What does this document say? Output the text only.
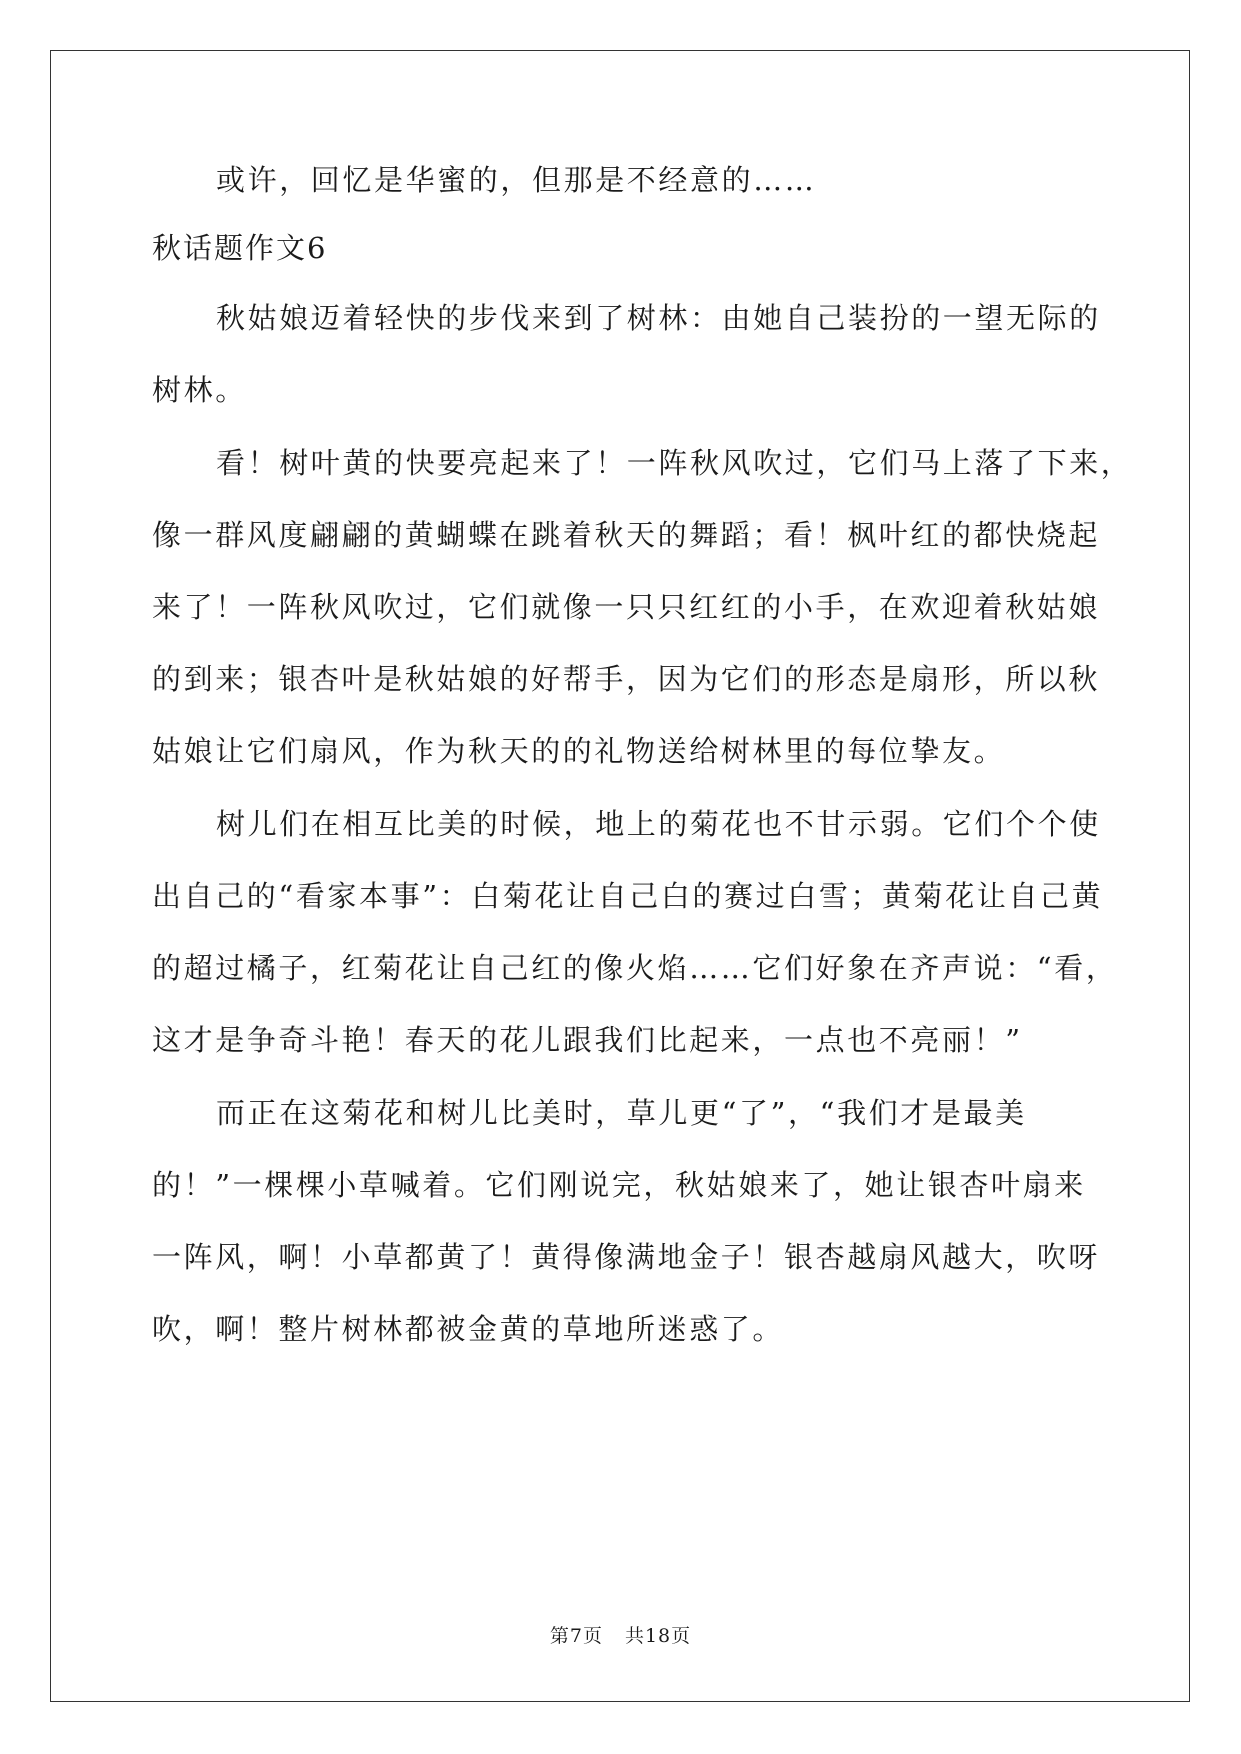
或许，回忆是华蜜的，但那是不经意的……
秋话题作文6
秋姑娘迈着轻快的步伐来到了树林：由她自己装扮的一望无际的
树林。
看！树叶黄的快要亮起来了！一阵秋风吹过，它们马上落了下来，
像一群风度翩翩的黄蝴蝶在跳着秋天的舞蹈；看！枫叶红的都快烧起
来了！一阵秋风吹过，它们就像一只只红红的小手，在欢迎着秋姑娘
的到来；银杏叶是秋姑娘的好帮手，因为它们的形态是扇形，所以秋
姑娘让它们扇风，作为秋天的的礼物送给树林里的每位挚友。
树儿们在相互比美的时候，地上的菊花也不甘示弱。它们个个使
出自己的“看家本事”：白菊花让自己白的赛过白雪；黄菊花让自己黄
的超过橘子，红菊花让自己红的像火焰……它们好象在齐声说：“看，
这才是争奇斗艳！春天的花儿跟我们比起来，一点也不亮丽！”
而正在这菊花和树儿比美时，草儿更“了”，“我们才是最美
的！”一棵棵小草喊着。它们刚说完，秋姑娘来了，她让银杏叶扇来
一阵风，啊！小草都黄了！黄得像满地金子！银杏越扇风越大，吹呀
吹，啊！整片树林都被金黄的草地所迷惑了。
第7页 共18页
